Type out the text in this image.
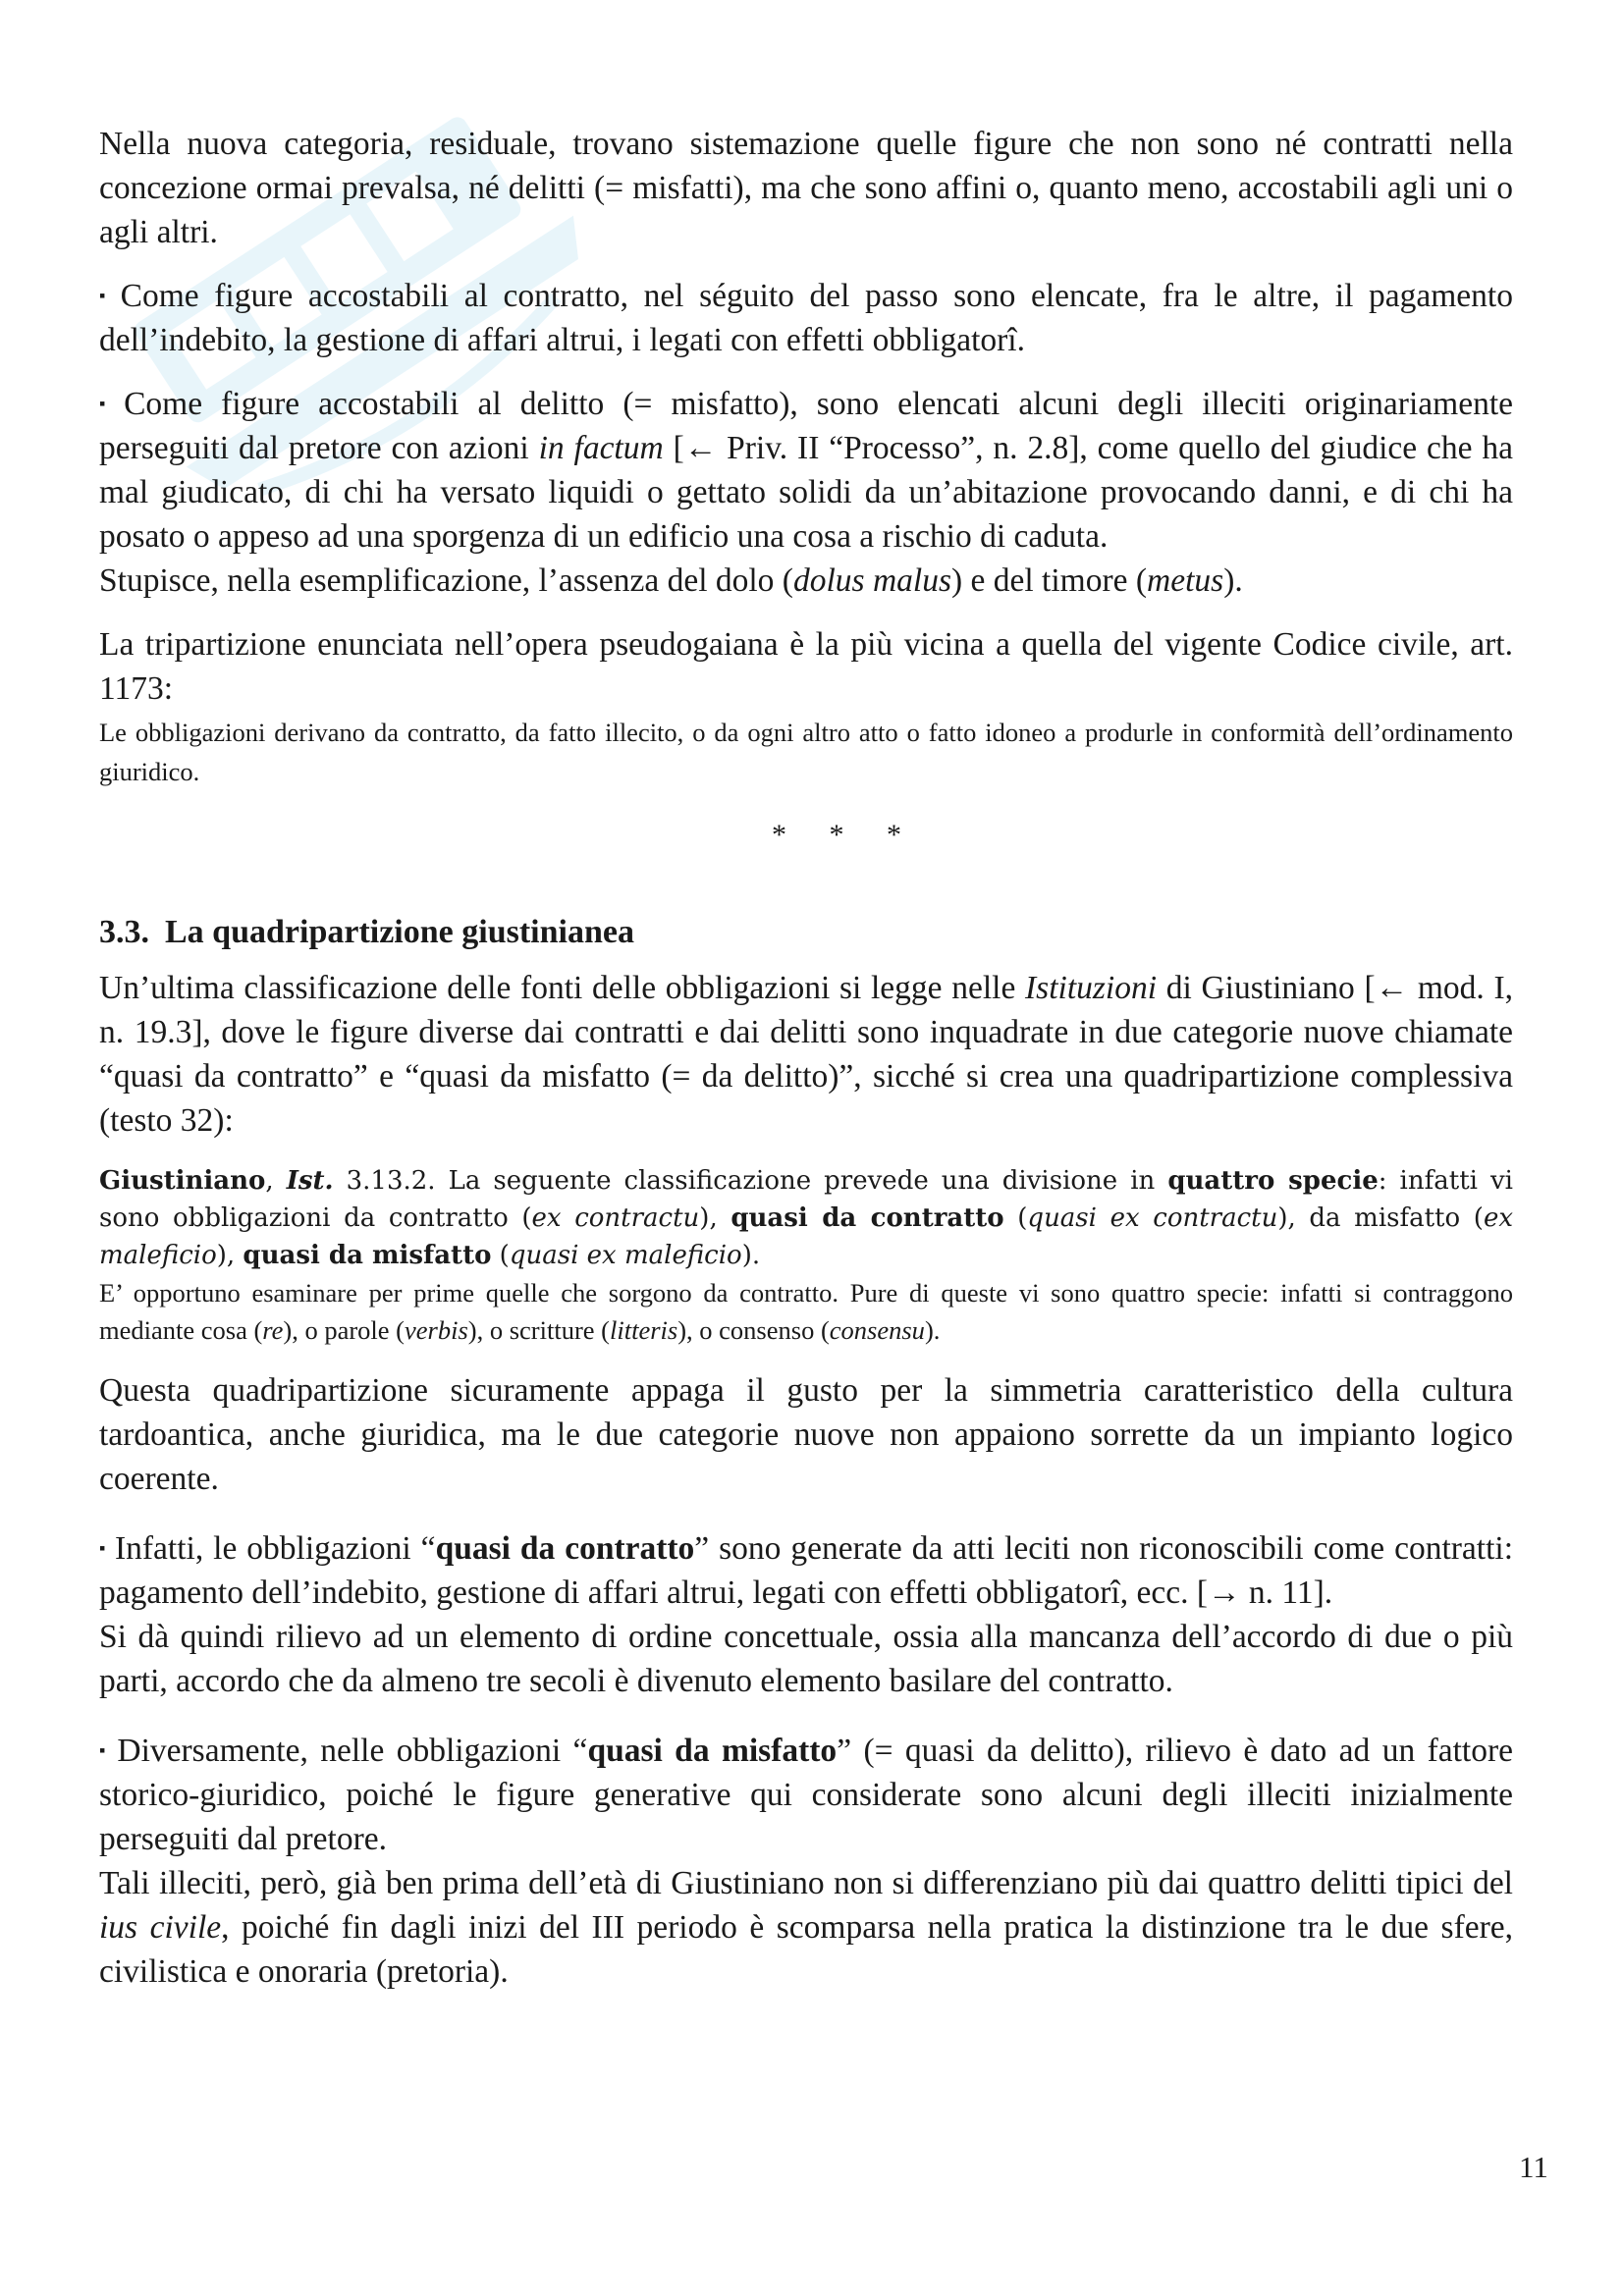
Nella nuova categoria, residuale, trovano sistemazione quelle figure che non sono né contratti nella concezione ormai prevalsa, né delitti (= misfatti), ma che sono affini o, quanto meno, accostabili agli uni o agli altri.

▪ Come figure accostabili al contratto, nel séguito del passo sono elencate, fra le altre, il pagamento dell’indebito, la gestione di affari altrui, i legati con effetti obbligatorî.

▪ Come figure accostabili al delitto (= misfatto), sono elencati alcuni degli illeciti originariamente perseguiti dal pretore con azioni in factum [← Priv. II “Processo”, n. 2.8], come quello del giudice che ha mal giudicato, di chi ha versato liquidi o gettato solidi da un’abitazione provocando danni, e di chi ha posato o appeso ad una sporgenza di un edificio una cosa a rischio di caduta.

Stupisce, nella esemplificazione, l’assenza del dolo (dolus malus) e del timore (metus).

La tripartizione enunciata nell’opera pseudogaiana è la più vicina a quella del vigente Codice civile, art. 1173:

Le obbligazioni derivano da contratto, da fatto illecito, o da ogni altro atto o fatto idoneo a produrle in conformità dell’ordinamento giuridico.

* * *

3.3. La quadripartizione giustinianea

Un’ultima classificazione delle fonti delle obbligazioni si legge nelle Istituzioni di Giustiniano [← mod. I, n. 19.3], dove le figure diverse dai contratti e dai delitti sono inquadrate in due categorie nuove chiamate “quasi da contratto” e “quasi da misfatto (= da delitto)”, sicché si crea una quadripartizione complessiva (testo 32):

Giustiniano, Ist. 3.13.2. La seguente classificazione prevede una divisione in quattro specie: infatti vi sono obbligazioni da contratto (ex contractu), quasi da contratto (quasi ex contractu), da misfatto (ex maleficio), quasi da misfatto (quasi ex maleficio).

E’ opportuno esaminare per prime quelle che sorgono da contratto. Pure di queste vi sono quattro specie: infatti si contraggono mediante cosa (re), o parole (verbis), o scritture (litteris), o consenso (consensu).

Questa quadripartizione sicuramente appaga il gusto per la simmetria caratteristico della cultura tardoantica, anche giuridica, ma le due categorie nuove non appaiono sorrette da un impianto logico coerente.

▪ Infatti, le obbligazioni “quasi da contratto” sono generate da atti leciti non riconoscibili come contratti: pagamento dell’indebito, gestione di affari altrui, legati con effetti obbligatorî, ecc. [→ n. 11].

Si dà quindi rilievo ad un elemento di ordine concettuale, ossia alla mancanza dell’accordo di due o più parti, accordo che da almeno tre secoli è divenuto elemento basilare del contratto.

▪ Diversamente, nelle obbligazioni “quasi da misfatto” (= quasi da delitto), rilievo è dato ad un fattore storico-giuridico, poiché le figure generative qui considerate sono alcuni degli illeciti inizialmente perseguiti dal pretore.

Tali illeciti, però, già ben prima dell’età di Giustiniano non si differenziano più dai quattro delitti tipici del ius civile, poiché fin dagli inizi del III periodo è scomparsa nella pratica la distinzione tra le due sfere, civilistica e onoraria (pretoria).

11
